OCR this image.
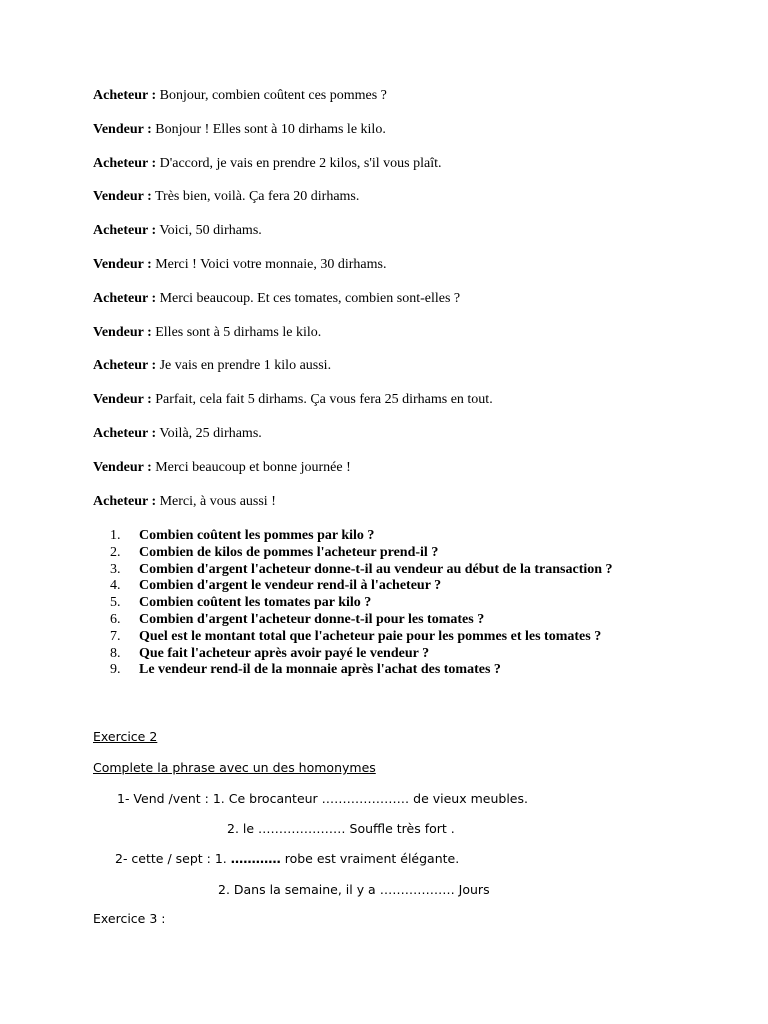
Acheteur : Bonjour, combien coûtent ces pommes ?
Vendeur : Bonjour ! Elles sont à 10 dirhams le kilo.
Acheteur : D'accord, je vais en prendre 2 kilos, s'il vous plaît.
Vendeur : Très bien, voilà. Ça fera 20 dirhams.
Acheteur : Voici, 50 dirhams.
Vendeur : Merci ! Voici votre monnaie, 30 dirhams.
Acheteur : Merci beaucoup. Et ces tomates, combien sont-elles ?
Vendeur : Elles sont à 5 dirhams le kilo.
Acheteur : Je vais en prendre 1 kilo aussi.
Vendeur : Parfait, cela fait 5 dirhams. Ça vous fera 25 dirhams en tout.
Acheteur : Voilà, 25 dirhams.
Vendeur : Merci beaucoup et bonne journée !
Acheteur : Merci, à vous aussi !
1.	Combien coûtent les pommes par kilo ?
2.	Combien de kilos de pommes l'acheteur prend-il ?
3.	Combien d'argent l'acheteur donne-t-il au vendeur au début de la transaction ?
4.	Combien d'argent le vendeur rend-il à l'acheteur ?
5.	Combien coûtent les tomates par kilo ?
6.	Combien d'argent l'acheteur donne-t-il pour les tomates ?
7.	Quel est le montant total que l'acheteur paie pour les pommes et les tomates ?
8.	Que fait l'acheteur après avoir payé le vendeur ?
9.	Le vendeur rend-il de la monnaie après l'achat des tomates ?
Exercice 2
Complete la phrase avec un des homonymes
1- Vend /vent : 1. Ce brocanteur ………………… de vieux meubles.
2. le ………………… Souffle très fort .
2- cette / sept : 1. ………… robe est vraiment élégante.
2. Dans la semaine, il y a ……………… Jours
Exercice 3 :
